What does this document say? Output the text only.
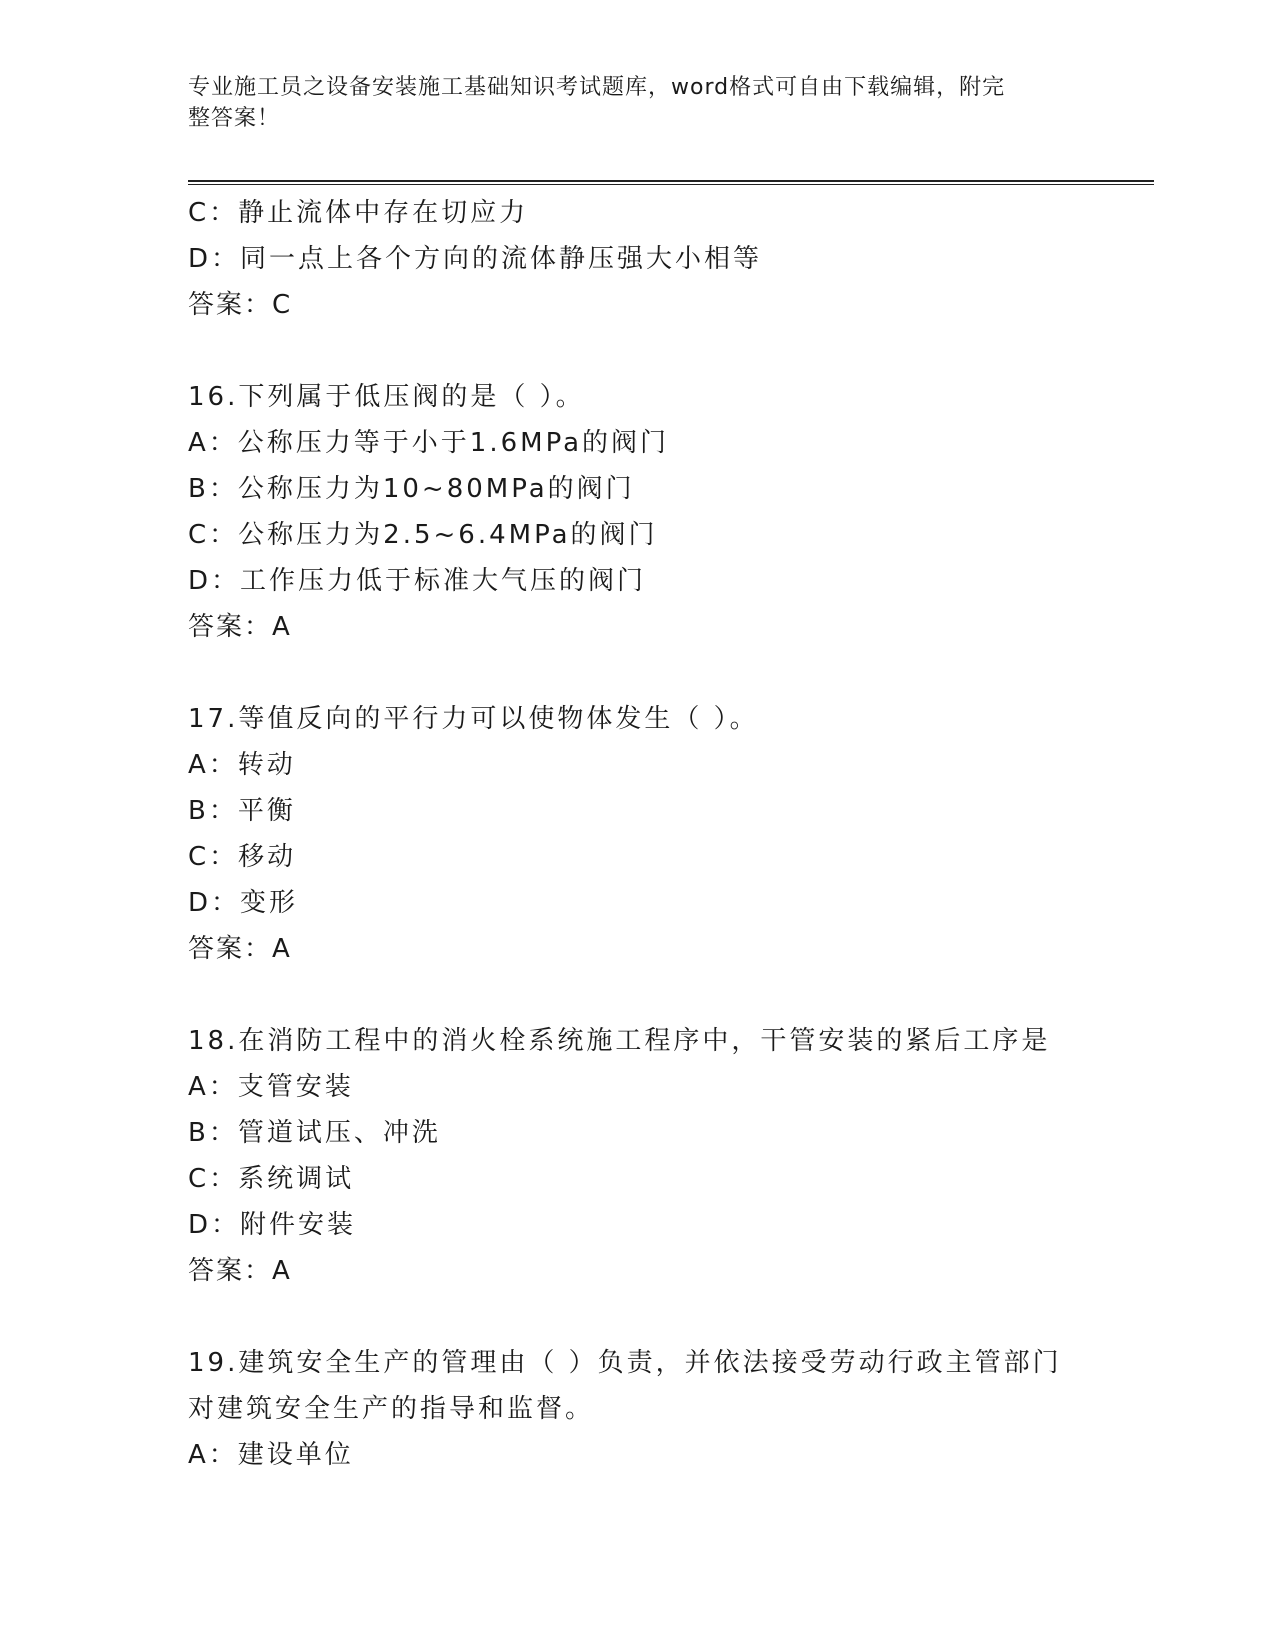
专业施工员之设备安装施工基础知识考试题库，word格式可自由下载编辑，附完
整答案！
C：静止流体中存在切应力
D：同一点上各个方向的流体静压强大小相等
答案：C
16.下列属于低压阀的是（ ）。
A：公称压力等于小于1.6MPa的阀门
B：公称压力为10~80MPa的阀门
C：公称压力为2.5~6.4MPa的阀门
D：工作压力低于标准大气压的阀门
答案：A
17.等值反向的平行力可以使物体发生（ ）。
A：转动
B：平衡
C：移动
D：变形
答案：A
18.在消防工程中的消火栓系统施工程序中，干管安装的紧后工序是
A：支管安装
B：管道试压、冲洗
C：系统调试
D：附件安装
答案：A
19.建筑安全生产的管理由（ ）负责，并依法接受劳动行政主管部门
对建筑安全生产的指导和监督。
A：建设单位
